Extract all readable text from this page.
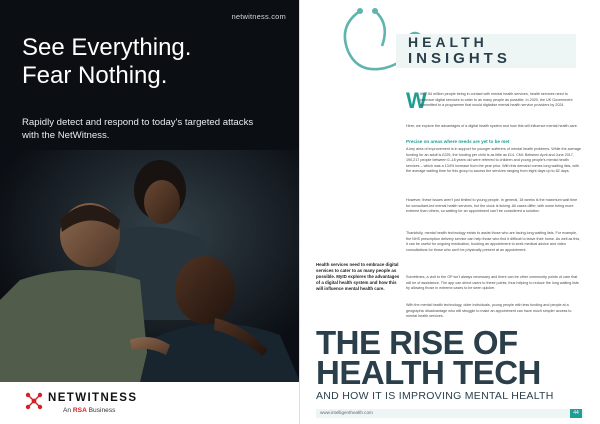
netwitness.com
See Everything.
Fear Nothing.
Rapidly detect and respond to today's targeted attacks with the NetWitness.
NETWITNESS
An RSA Business
HEALTH
INSIGHTS
W
ith 7.54 million people being in contact with mental health services, health services need to embrace digital services to cater to as many people as possible. In 2020, the UK Government committed to a programme that would digitalise mental health service providers by 2024.
Here, we explore the advantages of a digital health system and how this will influence mental health care.
Precise on areas where needs are yet to be met
A key area of improvement is in support for younger sufferers of mental health problems. While the average funding for an adult is £225, the funding per child is as little as £14. CMI: Between April and June 2017, 190,217 people between 0–18 years old were referred to children and young people's mental health services – which was a 134% increase from the year prior. With this demand comes long waiting lists, with the average waiting time for this group to access the services ranging from eight days up to 82 days.
However, these issues aren't just limited to young people. In general, 18 weeks is the maximum wait time for consultant-led mental health services, but the clock is ticking. All cases differ, with some being more extreme than others, so waiting for an appointment can't be considered a solution.
Thankfully, mental health technology exists to assist those who are facing long waiting lists. For example, the NHS prescription delivery service can help those who find it difficult to leave their home. As well as this, it can be useful for ongoing medication, booking an appointment to seek medical advice and video consultations for those who can't be physically present at an appointment.
Sometimes, a visit to the GP isn't always necessary and there can be other community points of care that will be of assistance. The app can direct users to these points, thus helping to reduce the long waiting lists by allowing those in extreme cases to be seen quicker.
With the mental health technology, older individuals, young people with less funding and people at a geographic disadvantage who will struggle to make an appointment can have much simpler access to mental health services.
Health services need to embrace digital services to cater to as many people as possible. MyID explores the advantages of a digital health system and how this will influence mental health care.
THE RISE OF
HEALTH TECH
AND HOW IT IS IMPROVING MENTAL HEALTH
www.intelligenthealth.com	44
